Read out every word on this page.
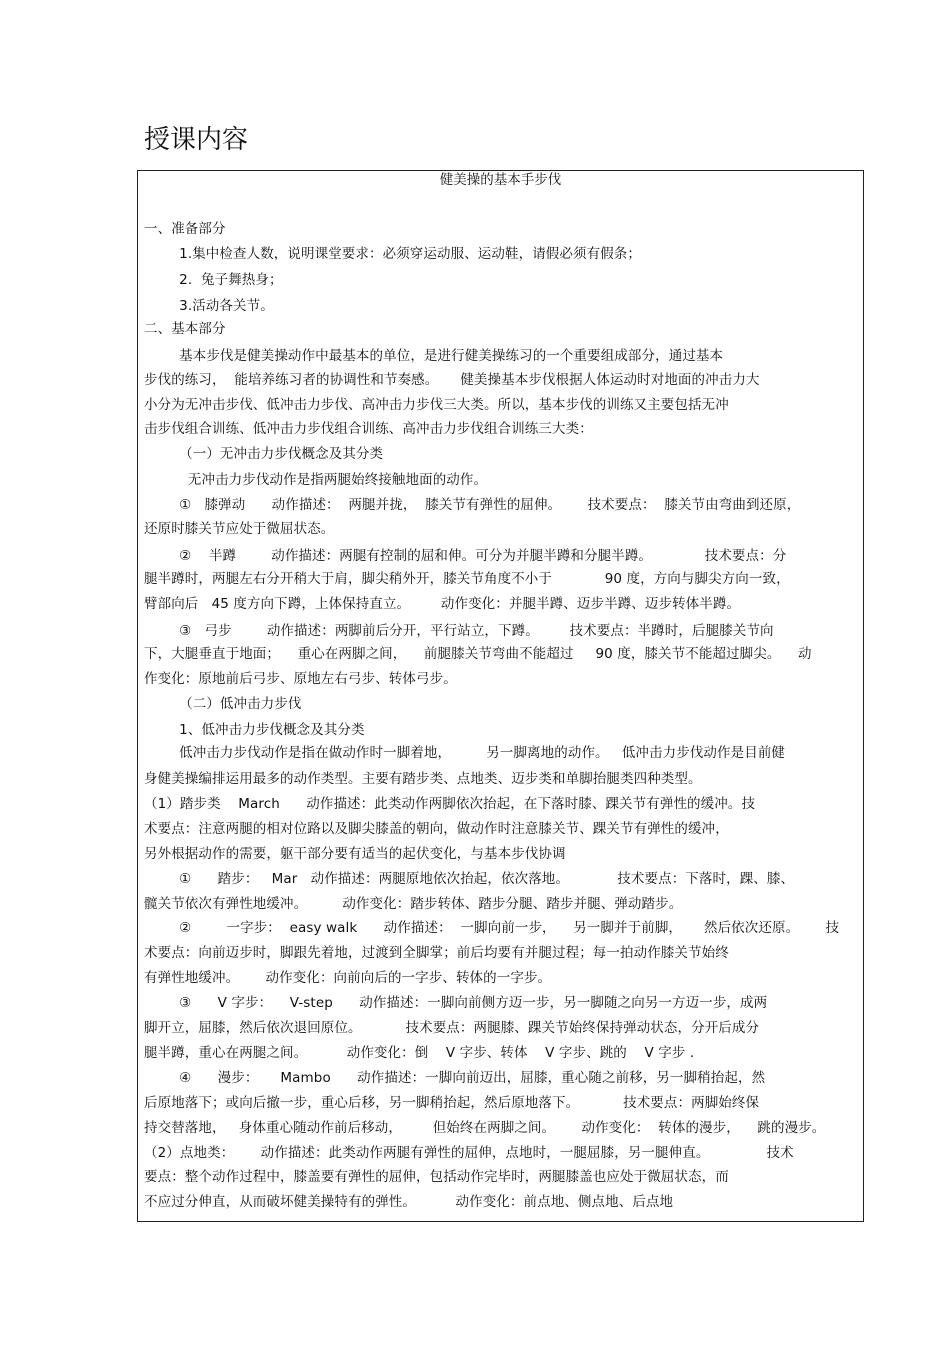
授课内容
健美操的基本手步伐
一、准备部分
1.集中检查人数，说明课堂要求：必须穿运动服、运动鞋，请假必须有假条；
2.  兔子舞热身；
3.活动各关节。
二、基本部分
基本步伐是健美操动作中最基本的单位，是进行健美操练习的一个重要组成部分，通过基本
步伐的练习，  能培养练习者的协调性和节奏感。     健美操基本步伐根据人体运动时对地面的冲击力大
小分为无冲击步伐、低冲击力步伐、高冲击力步伐三大类。所以，基本步伐的训练又主要包括无冲
击步伐组合训练、低冲击力步伐组合训练、高冲击力步伐组合训练三大类：
（一）无冲击力步伐概念及其分类
无冲击力步伐动作是指两腿始终接触地面的动作。
①   膝弹动      动作描述：  两腿并拢，  膝关节有弹性的屈伸。      技术要点：  膝关节由弯曲到还原，
还原时膝关节应处于微屈状态。
②    半蹲        动作描述：两腿有控制的屈和伸。可分为并腿半蹲和分腿半蹲。            技术要点：分
腿半蹲时，两腿左右分开稍大于肩，脚尖稍外开，膝关节角度不小于            90 度，方向与脚尖方向一致，
臂部向后   45 度方向下蹲，上体保持直立。       动作变化：并腿半蹲、迈步半蹲、迈步转体半蹲。
③   弓步        动作描述：两脚前后分开，平行站立，下蹲。       技术要点：半蹲时，后腿膝关节向
下，大腿垂直于地面；    重心在两脚之间，    前腿膝关节弯曲不能超过     90 度，膝关节不能超过脚尖。    动
作变化：原地前后弓步、原地左右弓步、转体弓步。
（二）低冲击力步伐
1、低冲击力步伐概念及其分类
低冲击力步伐动作是指在做动作时一脚着地，        另一脚离地的动作。   低冲击力步伐动作是目前健
身健美操编排运用最多的动作类型。主要有踏步类、点地类、迈步类和单脚抬腿类四种类型。
（1）踏步类    March      动作描述：此类动作两脚依次抬起，在下落时膝、踝关节有弹性的缓冲。技
术要点：注意两腿的相对位路以及脚尖膝盖的朝向，做动作时注意膝关节、踝关节有弹性的缓冲，
另外根据动作的需要，躯干部分要有适当的起伏变化，与基本步伐协调
①      踏步：   Mar   动作描述：两腿原地依次抬起，依次落地。           技术要点：下落时，踝、膝、
髋关节依次有弹性地缓冲。        动作变化：踏步转体、踏步分腿、踏步并腿、弹动踏步。
②        一字步：  easy walk      动作描述：  一脚向前一步，    另一脚并于前脚，     然后依次还原。      技
术要点：向前迈步时，脚跟先着地，过渡到全脚掌；前后均要有并腿过程；每一拍动作膝关节始终
有弹性地缓冲。      动作变化：向前向后的一字步、转体的一字步。
③      V 字步：    V-step      动作描述：一脚向前侧方迈一步，另一脚随之向另一方迈一步，成两
脚开立，屈膝，然后依次退回原位。          技术要点：两腿膝、踝关节始终保持弹动状态，分开后成分
腿半蹲，重心在两腿之间。         动作变化：倒    V 字步、转体    V 字步、跳的    V 字步 .
④      漫步：     Mambo      动作描述：一脚向前迈出，屈膝，重心随之前移，另一脚稍抬起，然
后原地落下；或向后撤一步，重心后移，另一脚稍抬起，然后原地落下。          技术要点：两脚始终保
持交替落地，   身体重心随动作前后移动，       但始终在两脚之间。      动作变化：  转体的漫步，    跳的漫步。
（2）点地类：      动作描述：此类动作两腿有弹性的屈伸，点地时，一腿屈膝，另一腿伸直。             技术
要点：整个动作过程中，膝盖要有弹性的屈伸，包括动作完毕时，两腿膝盖也应处于微屈状态，而
不应过分伸直，从而破坏健美操特有的弹性。         动作变化：前点地、侧点地、后点地
